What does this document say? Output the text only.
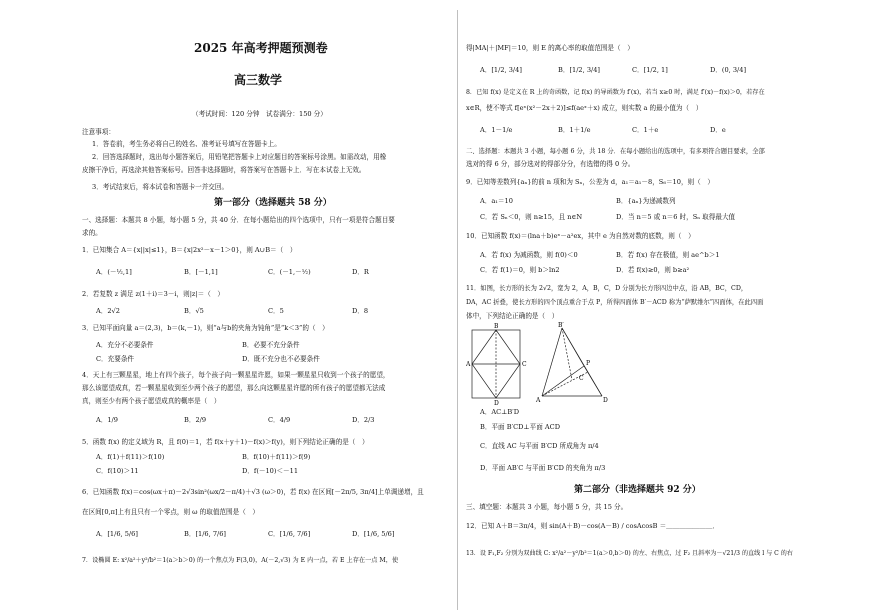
2025 年高考押题预测卷
高三数学
（考试时间：120 分钟　试卷满分：150 分）
注意事项：
1．答卷前，考生务必将自己的姓名、准考证号填写在答题卡上。
2．回答选择题时，选出每小题答案后，用铅笔把答题卡上对应题目的答案标号涂黑。如需改动，用橡
皮擦干净后，再选涂其他答案标号。回答非选择题时，将答案写在答题卡上．写在本试卷上无效。
3．考试结束后，将本试卷和答题卡一并交回。
第一部分（选择题共 58 分）
一、选择题：本题共 8 小题，每小题 5 分，共 40 分．在每小题给出的四个选项中，只有一项是符合题目要
求的。
1．已知集合 A＝{x||x|≤1}，B＝{x|2x²－x－1＞0}，则 A∪B＝（　）
A．(－½,1]	B．[－1,1]	C．(－1,－½)	D．R
2．若复数 z 满足 z(1＋i)＝3－i，则|z|＝（　）
A．2√2	B．√5	C．5	D．8
3．已知平面向量 a＝(2,3)，b＝(k,－1)，则“a与b的夹角为钝角”是“k＜3”的（　）
A．充分不必要条件	B．必要不充分条件
C．充要条件	D．既不充分也不必要条件
4．天上有三颗星星，地上有四个孩子，每个孩子向一颗星星许愿，如果一颗星星只收到一个孩子的愿望，
那么该愿望成真，若一颗星星收到至少两个孩子的愿望，那么向这颗星星许愿的所有孩子的愿望都无法成
真，则至少有两个孩子愿望成真的概率是（　）
A．1/9	B．2/9	C．4/9	D．2/3
5．函数 f(x) 的定义域为 R，且 f(0)＝1，若 f(x＋y＋1)－f(x)＞f(y)，则下列结论正确的是（　）
A．f(1)＋f(11)＞f(10)	B．f(10)＋f(11)＞f(9)
C．f(10)＞11	D．f(－10)＜－11
6．已知函数 f(x)＝cos(ωx＋π)－2√3sin²(ωx/2－π/4)＋√3 (ω＞0)，若 f(x) 在区间[－2π/5, 3π/4]上单调递增，且
在区间[0,π]上有且只有一个零点，则 ω 的取值范围是（　）
A．[1/6, 5/6]	B．[1/6, 7/6]	C．[1/6, 7/6]	D．[1/6, 5/6]
7．设椭圆 E: x²/a²＋y²/b²＝1(a＞b＞0) 的一个焦点为 F(3,0)，A(－2,√3) 为 E 内一点，若 E 上存在一点 M，使
得|MA|＋|MF|＝10，则 E 的离心率的取值范围是（　）
A．[1/2, 3/4]	B．[1/2, 3/4]	C．[1/2, 1]	D．(0, 3/4]
8．已知 f(x) 是定义在 R 上的奇函数，记 f(x) 的导函数为 f′(x)，若当 x≥0 时，满足 f′(x)－f(x)＞0，若存在
x∈R，使不等式 f[eˣ(x²－2x＋2)]≤f(aeˣ＋x) 成立，则实数 a 的最小值为（　）
A．1－1/e	B．1＋1/e	C．1＋e	D．e
二、选择题：本题共 3 小题，每小题 6 分，共 18 分．在每小题给出的选项中，有多项符合题目要求，全部
选对的得 6 分，部分选对的得部分分，有选错的得 0 分。
9．已知等差数列{aₙ}的前 n 项和为 Sₙ，公差为 d，a₁＝a₁－8，S₆＝10，则（　）
A．a₁＝10	B．{aₙ}为递减数列
C．若 Sₙ＜0，则 n≥15，且 n∈N	D．当 n＝5 或 n＝6 时，Sₙ 取得最大值
10．已知函数 f(x)＝(lna＋b)eˣ－a²ex，其中 e 为自然对数的底数，则（　）
A．若 f(x) 为减函数，则 f(0)＜0	B．若 f(x) 存在极值，则 ae^b＞1
C．若 f(1)＝0，则 b＞ln2	D．若 f(x)≥0，则 b≥a²
11．如图，长方形的长为 2√2，宽为 2，A，B，C，D 分别为长方形四边中点，沿 AB，BC，CD，
DA，AC 折叠，使长方形的四个顶点重合于点 P，所得四面体 B′－ACD 称为“萨默维尔”四面体，在此四面
体中，下列结论正确的是（　）
B
A	C
D
B′
A
P
C
D
A．AC⊥B′D
B．平面 B′CD⊥平面 ACD
C．直线 AC 与平面 B′CD 所成角为 π/4
D．平面 AB′C 与平面 B′CD 的夹角为 π/3
第二部分（非选择题共 92 分）
三、填空题：本题共 3 小题，每小题 5 分，共 15 分。
12．已知 A＋B＝3π/4，则 sin(A＋B)－cos(A－B) / cosAcosB ＝＿＿＿＿＿＿＿．
13．设 F₁,F₂ 分别为双曲线 C: x²/a²－y²/b²＝1(a＞0,b＞0) 的左、右焦点，过 F₂ 且斜率为－√21/3 的直线 l 与 C 的右
